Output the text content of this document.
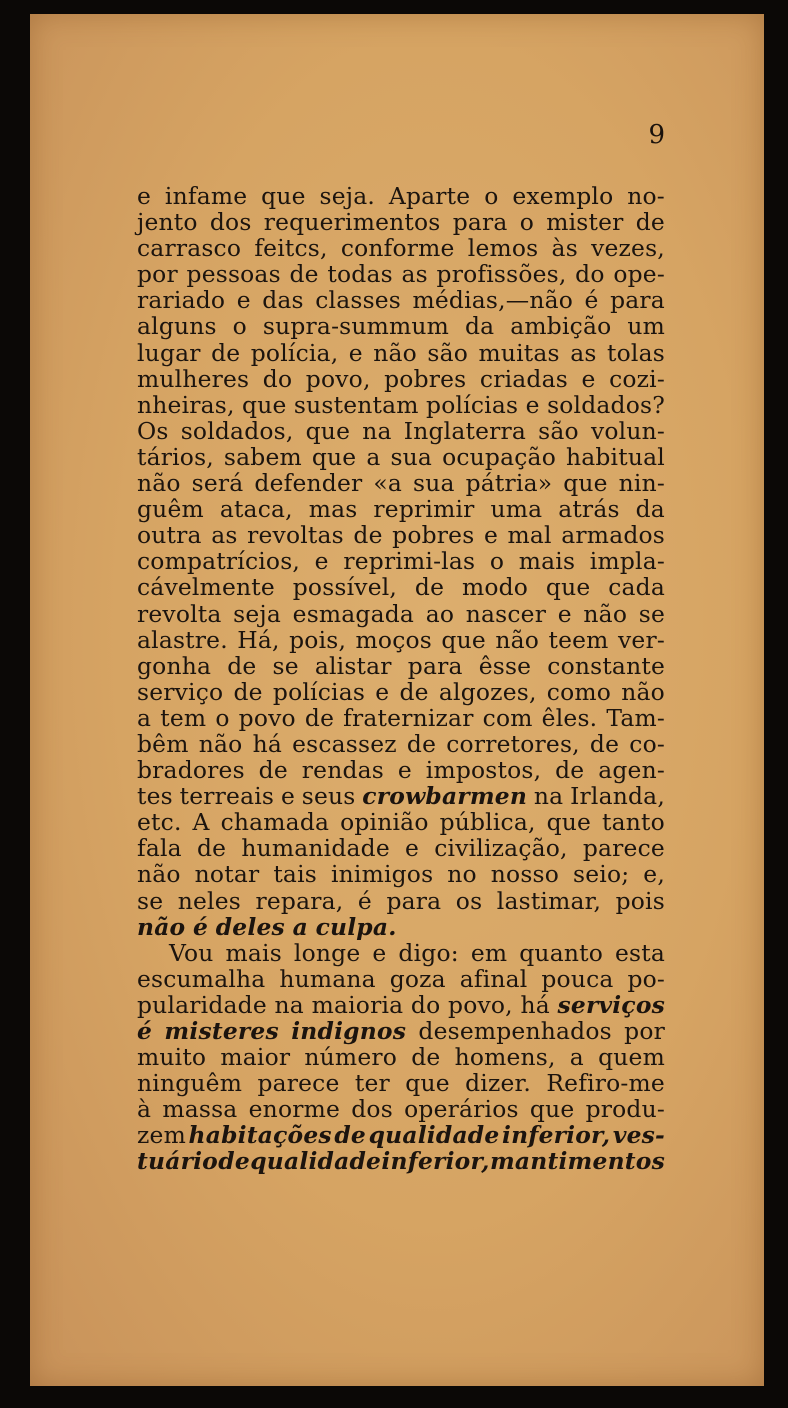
9
e infame que seja. Aparte o exemplo no-
jento dos requerimentos para o mister de
carrasco feitcs, conforme lemos às vezes,
por pessoas de todas as profissões, do ope-
rariado e das classes médias,—não é para
alguns o supra-summum da ambição um
lugar de polícia, e não são muitas as tolas
mulheres do povo, pobres criadas e cozi-
nheiras, que sustentam polícias e soldados?
Os soldados, que na Inglaterra são volun-
tários, sabem que a sua ocupação habitual
não será defender «a sua pátria» que nin-
guêm ataca, mas reprimir uma atrás da
outra as revoltas de pobres e mal armados
compatrícios, e reprimi-las o mais impla-
cávelmente possível, de modo que cada
revolta seja esmagada ao nascer e não se
alastre. Há, pois, moços que não teem ver-
gonha de se alistar para êsse constante
serviço de polícias e de algozes, como não
a tem o povo de fraternizar com êles. Tam-
bêm não há escassez de corretores, de co-
bradores de rendas e impostos, de agen-
tes terreais e seus crowbarmen na Irlanda,
etc. A chamada opinião pública, que tanto
fala de humanidade e civilização, parece
não notar tais inimigos no nosso seio; e,
se neles repara, é para os lastimar, pois
não
é
deles
a
culpa.
Vou mais longe e digo: em quanto esta
escumalha humana goza afinal pouca po-
pularidade na maioria do povo, há serviços
é misteres indignos desempenhados por
muito maior número de homens, a quem
ninguêm parece ter que dizer. Refiro-me
à massa enorme dos operários que produ-
zem habitações de qualidade inferior, ves-
tuário de qualidade inferior, mantimentos
